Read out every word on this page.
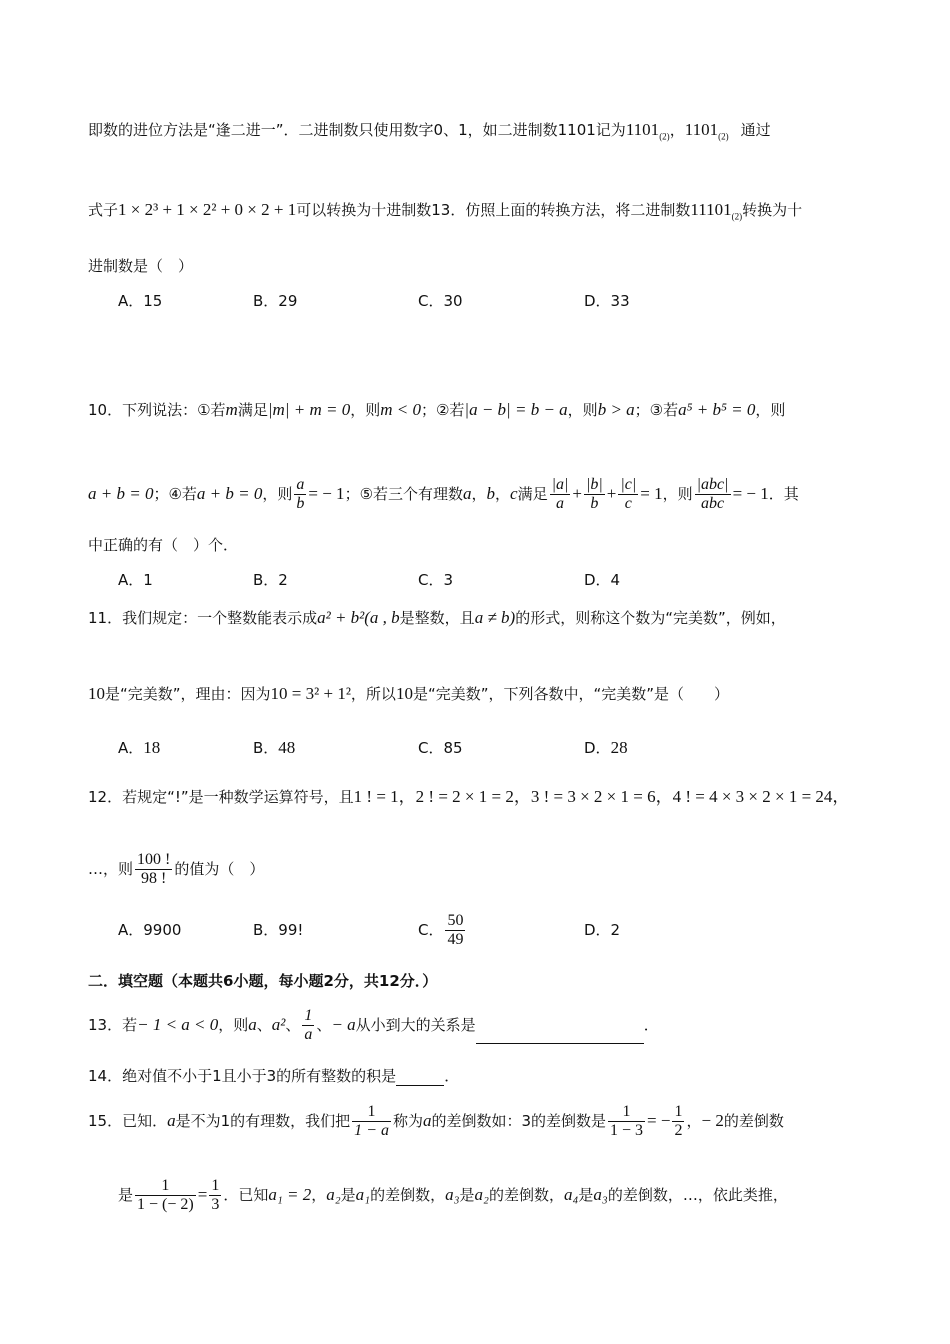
即数的进位方法是“逢二进一”．二进制数只使用数字0、1，如二进制数1101记为$1101_{(2)}$，$1101_{(2)}$ 通过
式子1 × 2³ + 1 × 2² + 0 × 2 + 1可以转换为十进制数13．仿照上面的转换方法，将二进制数$11101_{(2)}$转换为十
进制数是（　）
A．15	B．29	C．30	D．33
10．下列说法：①若m满足|m| + m = 0，则m < 0；②若|a − b| = b − a，则b > a；③若a⁵ + b⁵ = 0，则
a + b = 0；④若a + b = 0，则 $\frac{a}{b}$ = − 1；⑤若三个有理数a，b，c满足 $\frac{|a|}{a} + \frac{|b|}{b} + \frac{|c|}{c} = 1$，则 $\frac{\text{|abc|}}{\text{abc}}$ = − 1．其
中正确的有（　）个．
A．1	B．2	C．3	D．4
11．我们规定：一个整数能表示成a² + b²(a , b是整数，且a ≠ b)的形式，则称这个数为“完美数”，例如，
10是“完美数”，理由：因为10 = 3² + 1²，所以10是“完美数”，下列各数中，“完美数”是（　　）
A．18	B．48	C．85	D．28
12．若规定“!”是一种数学运算符号，且1 ! = 1，2 ! = 2 × 1 = 2，3 ! = 3 × 2 × 1 = 6，4 ! = 4 × 3 × 2 × 1 = 24，
…，则 $\frac{100 !}{98 !}$ 的值为（　）
A．9900	B．99!	C． $\frac{50}{49}$	D．2
二．填空题（本题共6小题，每小题2分，共12分．）
13．若− 1 < a < 0，则a、a²、 $\frac{1}{a}$ 、− a从小到大的关系是	．
14．绝对值不小于1且小于3的所有整数的积是	．
15．已知．a是不为1的有理数，我们把 $\frac{1}{1 - a}$ 称为a的差倒数如：3的差倒数是 $\frac{1}{1 - 3}$ = − $\frac{1}{2}$ ，− 2的差倒数
是 $\frac{1}{1 - (- 2)} = \frac{1}{3}$ ．已知a₁ = 2，a₂是a₁的差倒数，a₃是a₂的差倒数，a₄是a₃的差倒数，…，依此类推，
